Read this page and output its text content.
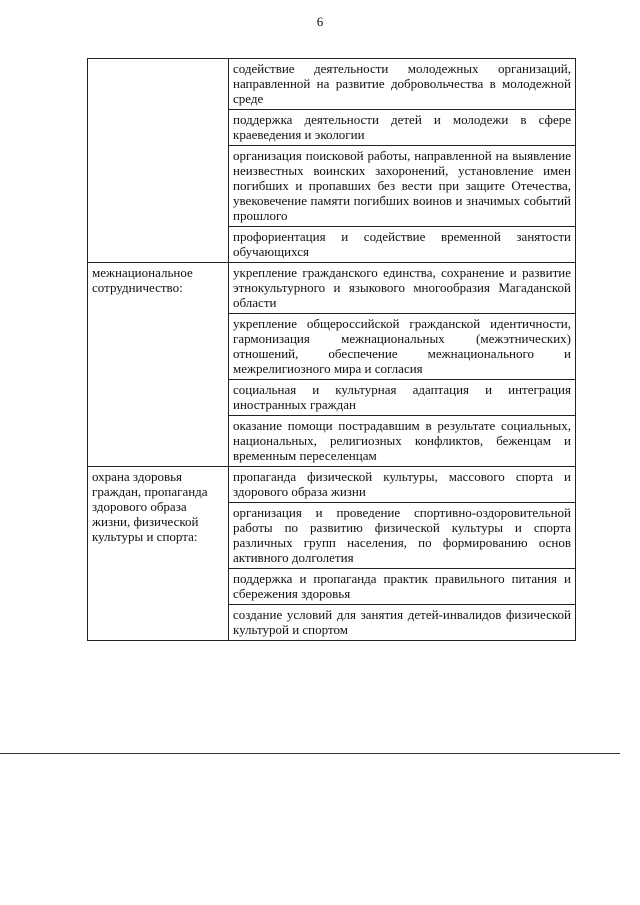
6
	содействие деятельности молодежных организаций, направленной на развитие добровольчества в молодежной среде
	поддержка деятельности детей и молодежи в сфере краеведения и экологии
	организация поисковой работы, направленной на выявление неизвестных воинских захоронений, установление имен погибших и пропавших без вести при защите Отечества, увековечение памяти погибших воинов и значимых событий прошлого
	профориентация и содействие временной занятости обучающихся
межнациональное сотрудничество:	укрепление гражданского единства, сохранение и развитие этнокультурного и языкового многообразия Магаданской области
	укрепление общероссийской гражданской идентичности, гармонизация межнациональных (межэтнических) отношений, обеспечение межнационального и межрелигиозного мира и согласия
	социальная и культурная адаптация и интеграция иностранных граждан
	оказание помощи пострадавшим в результате социальных, национальных, религиозных конфликтов, беженцам и временным переселенцам
охрана здоровья граждан, пропаганда здорового образа жизни, физической культуры и спорта:	пропаганда физической культуры, массового спорта и здорового образа жизни
	организация и проведение спортивно-оздоровительной работы по развитию физической культуры и спорта различных групп населения, по формированию основ активного долголетия
	поддержка и пропаганда практик правильного питания и сбережения здоровья
	создание условий для занятия детей-инвалидов физической культурой и спортом
